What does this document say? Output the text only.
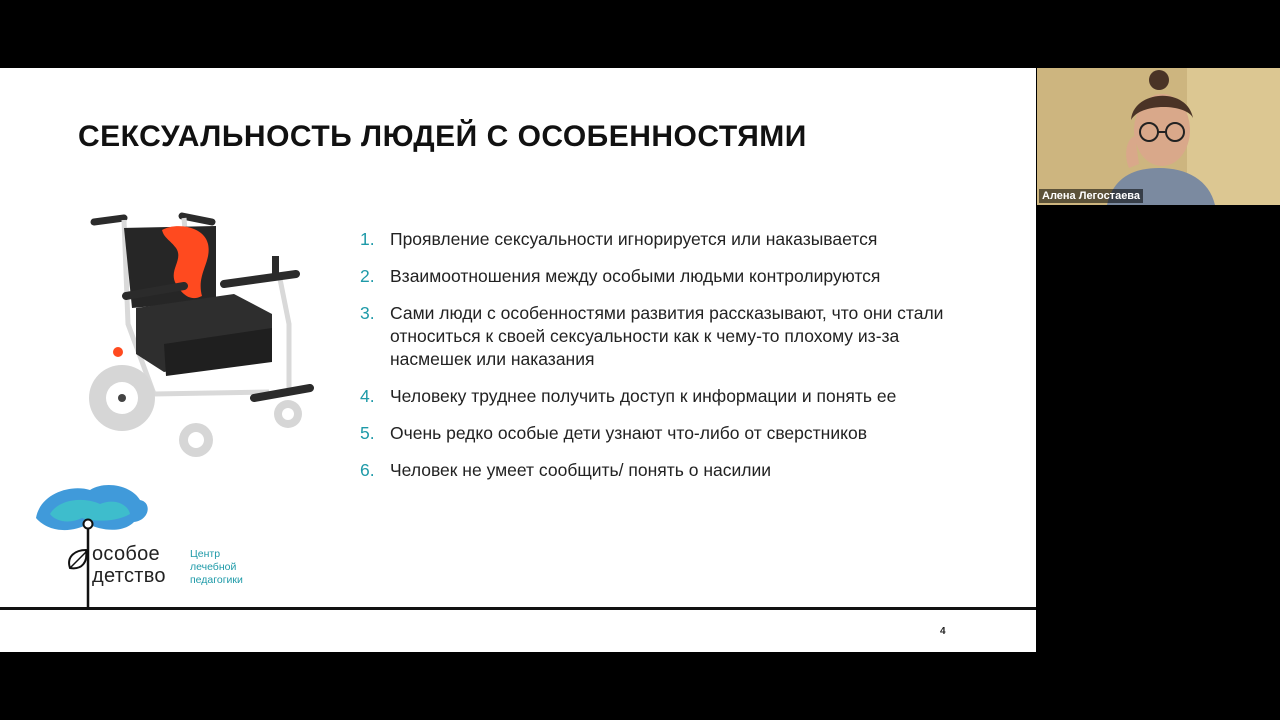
СЕКСУАЛЬНОСТЬ ЛЮДЕЙ С ОСОБЕННОСТЯМИ
1. Проявление сексуальности игнорируется или наказывается
2. Взаимоотношения между особыми людьми контролируются
3. Сами люди с особенностями развития рассказывают, что они стали относиться к своей сексуальности как к чему-то плохому из-за насмешек или наказания
4. Человеку труднее получить доступ к информации и понять ее
5. Очень редко особые дети узнают что-либо от сверстников
6. Человек не умеет сообщить/ понять о насилии
особое
детство
Центр
лечебной
педагогики
4
Алена Легостаева
